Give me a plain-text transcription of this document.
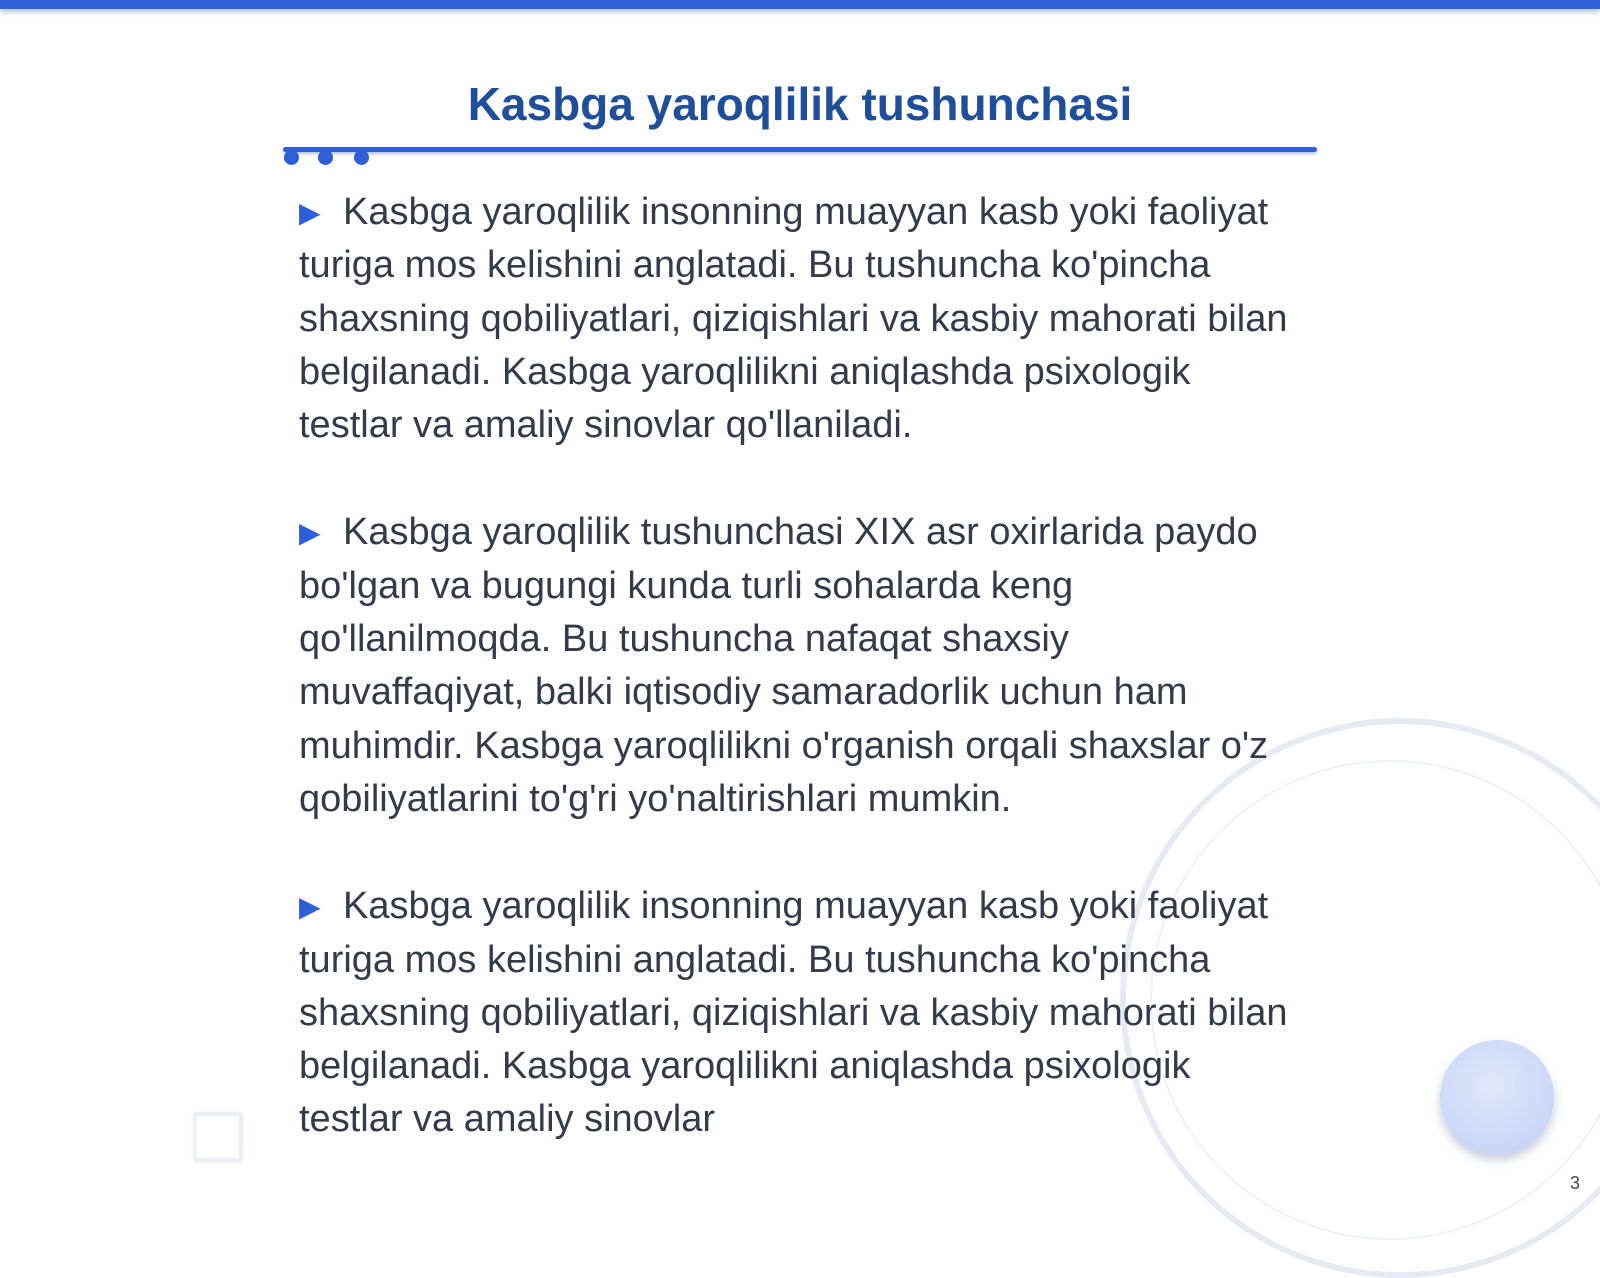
Kasbga yaroqlilik tushunchasi

▶ Kasbga yaroqlilik insonning muayyan kasb yoki faoliyat turiga mos kelishini anglatadi. Bu tushuncha ko'pincha shaxsning qobiliyatlari, qiziqishlari va kasbiy mahorati bilan belgilanadi. Kasbga yaroqlilikni aniqlashda psixologik testlar va amaliy sinovlar qo'llaniladi.

▶ Kasbga yaroqlilik tushunchasi XIX asr oxirlarida paydo bo'lgan va bugungi kunda turli sohalarda keng qo'llanilmoqda. Bu tushuncha nafaqat shaxsiy muvaffaqiyat, balki iqtisodiy samaradorlik uchun ham muhimdir. Kasbga yaroqlilikni o'rganish orqali shaxslar o'z qobiliyatlarini to'g'ri yo'naltirishlari mumkin.

▶ Kasbga yaroqlilik insonning muayyan kasb yoki faoliyat turiga mos kelishini anglatadi. Bu tushuncha ko'pincha shaxsning qobiliyatlari, qiziqishlari va kasbiy mahorati bilan belgilanadi. Kasbga yaroqlilikni aniqlashda psixologik testlar va amaliy sinovlar

3
